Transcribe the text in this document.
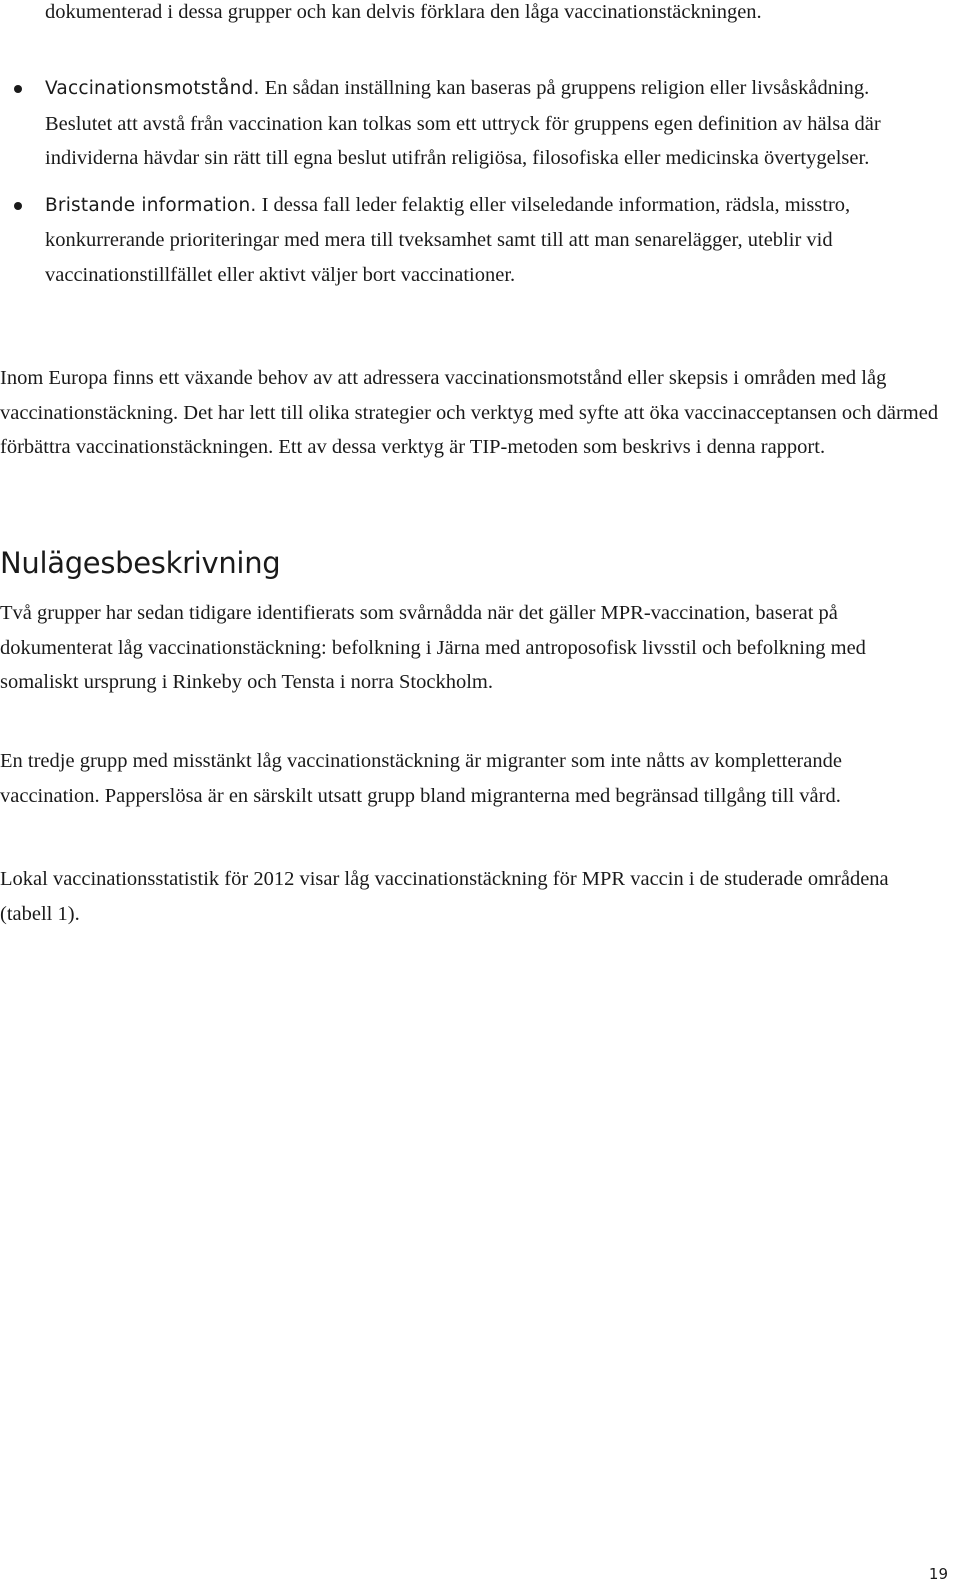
dokumenterad i dessa grupper och kan delvis förklara den låga vaccinationstäckningen.
Vaccinationsmotstånd. En sådan inställning kan baseras på gruppens religion eller livsåskådning. Beslutet att avstå från vaccination kan tolkas som ett uttryck för gruppens egen definition av hälsa där individerna hävdar sin rätt till egna beslut utifrån religiösa, filosofiska eller medicinska övertygelser.
Bristande information. I dessa fall leder felaktig eller vilseledande information, rädsla, misstro, konkurrerande prioriteringar med mera till tveksamhet samt till att man senarelägger, uteblir vid vaccinationstillfället eller aktivt väljer bort vaccinationer.

Inom Europa finns ett växande behov av att adressera vaccinationsmotstånd eller skepsis i områden med låg vaccinationstäckning. Det har lett till olika strategier och verktyg med syfte att öka vaccinacceptansen och därmed förbättra vaccinationstäckningen. Ett av dessa verktyg är TIP-metoden som beskrivs i denna rapport.

Nulägesbeskrivning

Två grupper har sedan tidigare identifierats som svårnådda när det gäller MPR-vaccination, baserat på dokumenterat låg vaccinationstäckning: befolkning i Järna med antroposofisk livsstil och befolkning med somaliskt ursprung i Rinkeby och Tensta i norra Stockholm.

En tredje grupp med misstänkt låg vaccinationstäckning är migranter som inte nåtts av kompletterande vaccination. Papperslösa är en särskilt utsatt grupp bland migranterna med begränsad tillgång till vård.

Lokal vaccinationsstatistik för 2012 visar låg vaccinationstäckning för MPR vaccin i de studerade områdena (tabell 1).

19
